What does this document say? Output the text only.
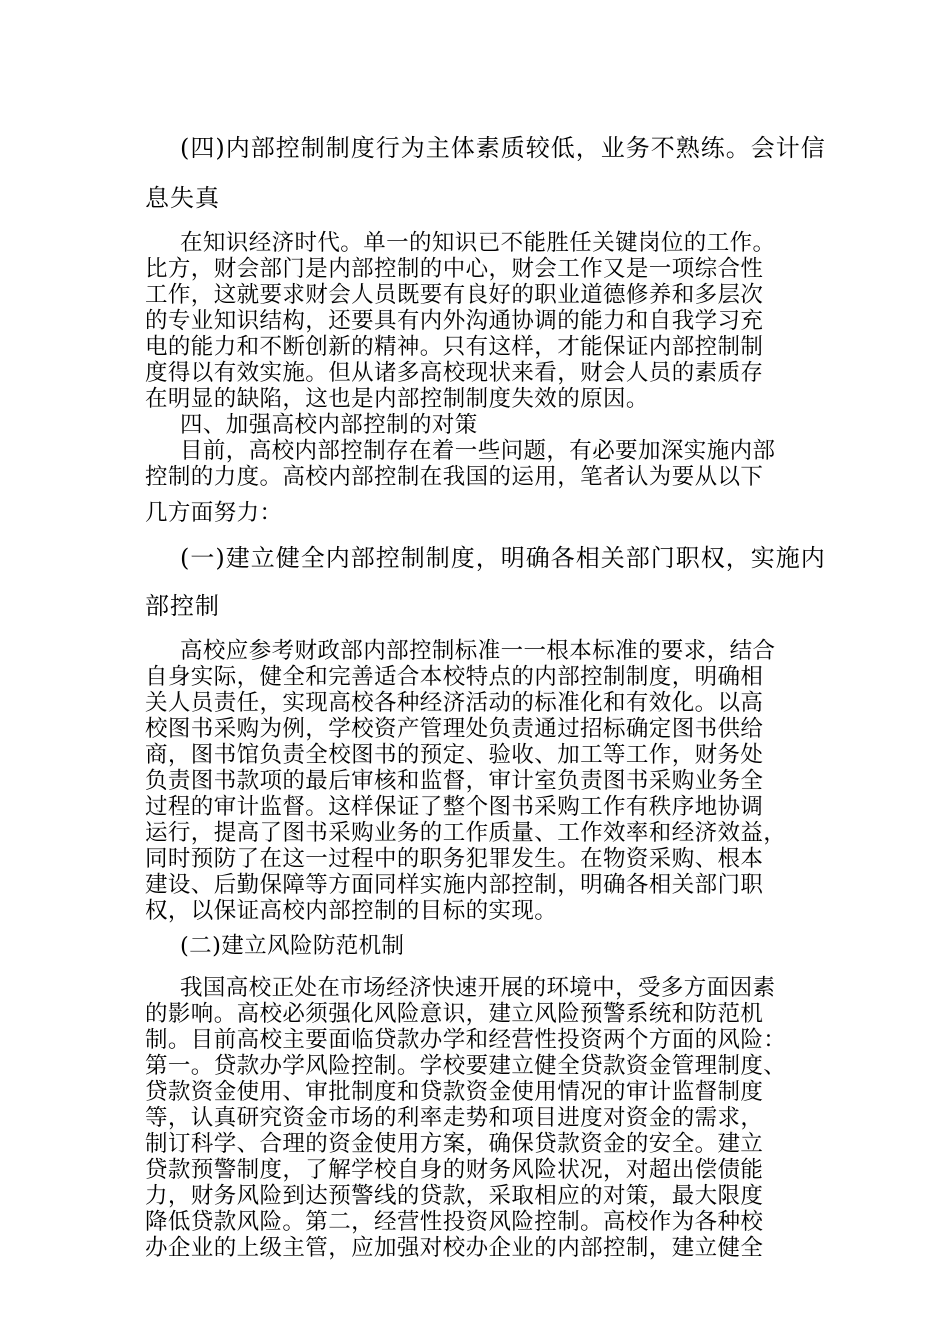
(四)内部控制制度行为主体素质较低，业务不熟练。会计信
息失真
在知识经济时代。单一的知识已不能胜任关键岗位的工作。
比方，财会部门是内部控制的中心，财会工作又是一项综合性
工作，这就要求财会人员既要有良好的职业道德修养和多层次
的专业知识结构，还要具有内外沟通协调的能力和自我学习充
电的能力和不断创新的精神。只有这样，才能保证内部控制制
度得以有效实施。但从诸多高校现状来看，财会人员的素质存
在明显的缺陷，这也是内部控制制度失效的原因。
四、加强高校内部控制的对策
目前，高校内部控制存在着一些问题，有必要加深实施内部
控制的力度。高校内部控制在我国的运用，笔者认为要从以下
几方面努力：
(一)建立健全内部控制制度，明确各相关部门职权，实施内
部控制
高校应参考财政部内部控制标准一一根本标准的要求，结合
自身实际，健全和完善适合本校特点的内部控制制度，明确相
关人员责任，实现高校各种经济活动的标准化和有效化。以高
校图书采购为例，学校资产管理处负责通过招标确定图书供给
商，图书馆负责全校图书的预定、验收、加工等工作，财务处
负责图书款项的最后审核和监督，审计室负责图书采购业务全
过程的审计监督。这样保证了整个图书采购工作有秩序地协调
运行，提高了图书采购业务的工作质量、工作效率和经济效益，
同时预防了在这一过程中的职务犯罪发生。在物资采购、根本
建设、后勤保障等方面同样实施内部控制，明确各相关部门职
权，以保证高校内部控制的目标的实现。
(二)建立风险防范机制
我国高校正处在市场经济快速开展的环境中，受多方面因素
的影响。高校必须强化风险意识，建立风险预警系统和防范机
制。目前高校主要面临贷款办学和经营性投资两个方面的风险：
第一。贷款办学风险控制。学校要建立健全贷款资金管理制度、
贷款资金使用、审批制度和贷款资金使用情况的审计监督制度
等，认真研究资金市场的利率走势和项目进度对资金的需求，
制订科学、合理的资金使用方案，确保贷款资金的安全。建立
贷款预警制度，了解学校自身的财务风险状况，对超出偿债能
力，财务风险到达预警线的贷款，采取相应的对策，最大限度
降低贷款风险。第二，经营性投资风险控制。高校作为各种校
办企业的上级主管，应加强对校办企业的内部控制，建立健全
